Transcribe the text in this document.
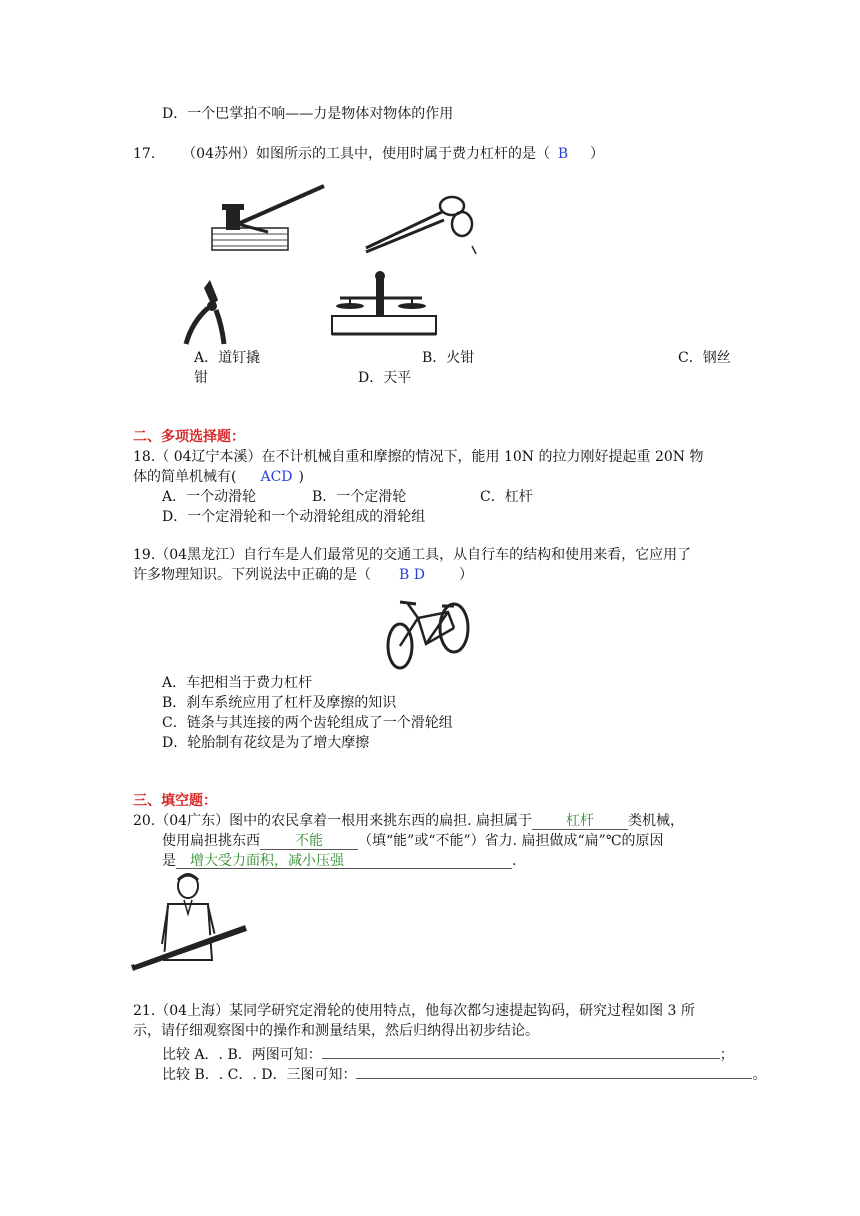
D．一个巴掌拍不响——力是物体对物体的作用
17. （04苏州）如图所示的工具中，使用时属于费力杠杆的是（ B ）
A．道钉撬	B．火钳	C．钢丝
钳	D．天平
二、多项选择题：
18.（ 04辽宁本溪）在不计机械自重和摩擦的情况下，能用 10N 的拉力刚好提起重 20N 物
体的简单机械有( ACD )
A．一个动滑轮	B．一个定滑轮	C．杠杆
D．一个定滑轮和一个动滑轮组成的滑轮组
19.（04黑龙江）自行车是人们最常见的交通工具，从自行车的结构和使用来看，它应用了
许多物理知识。下列说法中正确的是（ B D ）
A．车把相当于费力杠杆
B．刹车系统应用了杠杆及摩擦的知识
C．链条与其连接的两个齿轮组成了一个滑轮组
D．轮胎制有花纹是为了增大摩擦
三、填空题：
20.（04广东）图中的农民拿着一根用来挑东西的扁担. 扁担属于 杠杆 类机械，
使用扁担挑东西	不能	（填“能”或“不能”）省力. 扁担做成“扁”℃的原因
是 增大受力面积，减小压强	.
21.（04上海）某同学研究定滑轮的使用特点，他每次都匀速提起钩码，研究过程如图 3 所
示，请仔细观察图中的操作和测量结果，然后归纳得出初步结论。
比较 A．. B．两图可知：	；
比较 B．. C．. D．三图可知：	。
